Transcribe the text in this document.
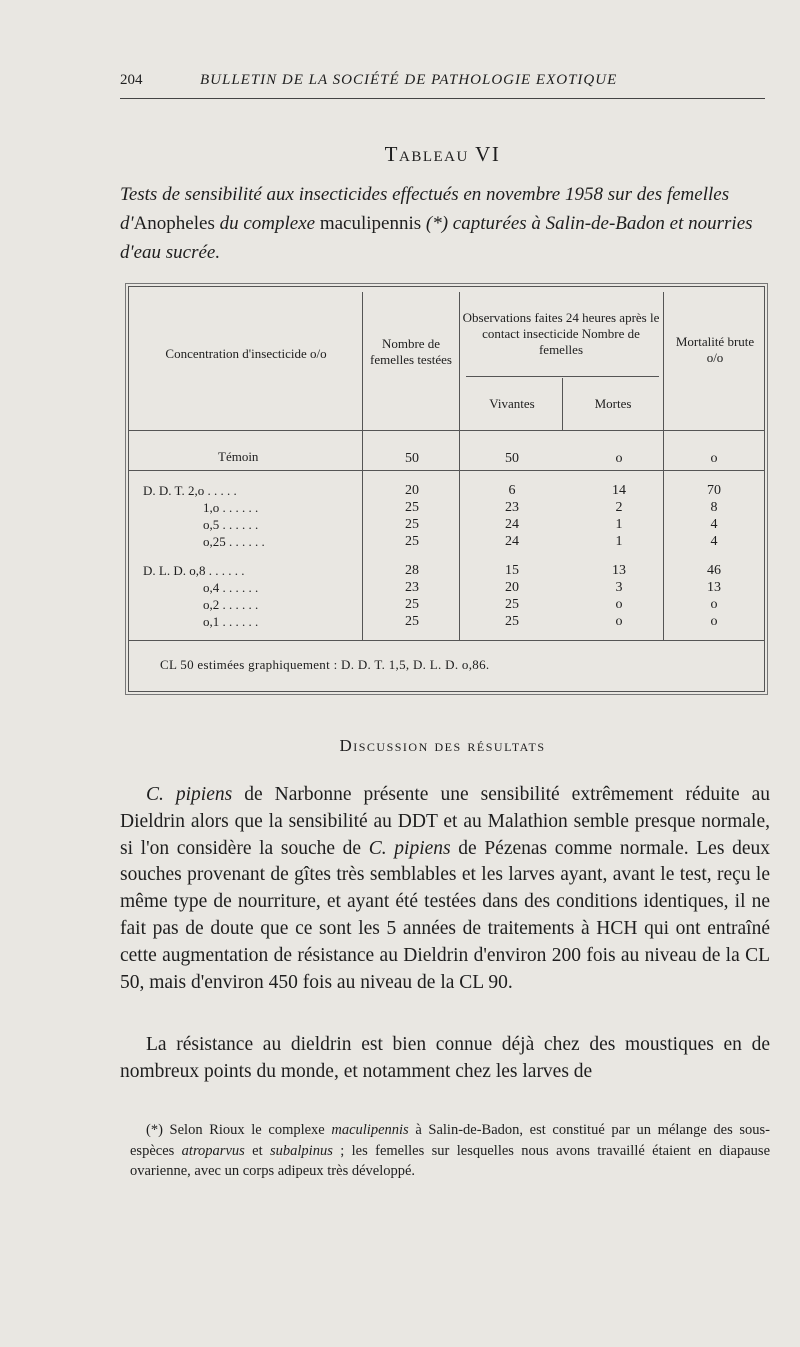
204	BULLETIN DE LA SOCIÉTÉ DE PATHOLOGIE EXOTIQUE
Tableau VI
Tests de sensibilité aux insecticides effectués en novembre 1958 sur des femelles d'Anopheles du complexe maculipennis (*) capturées à Salin-de-Badon et nourries d'eau sucrée.
Concentration d'insecticide o/o
Nombre de femelles testées
Observations faites 24 heures après le contact insecticide Nombre de femelles
Vivantes	Mortes
Mortalité brute o/o
Témoin	50	50	o	o
D. D. T. 2,o . . . . .	20	6	14	70
1,o . . . . . .	25	23	2	8
o,5 . . . . . .	25	24	1	4
o,25 . . . . . .	25	24	1	4
D. L. D. o,8 . . . . . .	28	15	13	46
o,4 . . . . . .	23	20	3	13
o,2 . . . . . .	25	25	o	o
o,1 . . . . . .	25	25	o	o
CL 50 estimées graphiquement : D. D. T. 1,5, D. L. D. o,86.
Discussion des résultats
C. pipiens de Narbonne présente une sensibilité extrêmement réduite au Dieldrin alors que la sensibilité au DDT et au Malathion semble presque normale, si l'on considère la souche de C. pipiens de Pézenas comme normale. Les deux souches provenant de gîtes très semblables et les larves ayant, avant le test, reçu le même type de nourriture, et ayant été testées dans des conditions identiques, il ne fait pas de doute que ce sont les 5 années de traitements à HCH qui ont entraîné cette augmentation de résistance au Dieldrin d'environ 200 fois au niveau de la CL 50, mais d'environ 450 fois au niveau de la CL 90.
La résistance au dieldrin est bien connue déjà chez des moustiques en de nombreux points du monde, et notamment chez les larves de
(*) Selon Rioux le complexe maculipennis à Salin-de-Badon, est constitué par un mélange des sous-espèces atroparvus et subalpinus ; les femelles sur lesquelles nous avons travaillé étaient en diapause ovarienne, avec un corps adipeux très développé.
